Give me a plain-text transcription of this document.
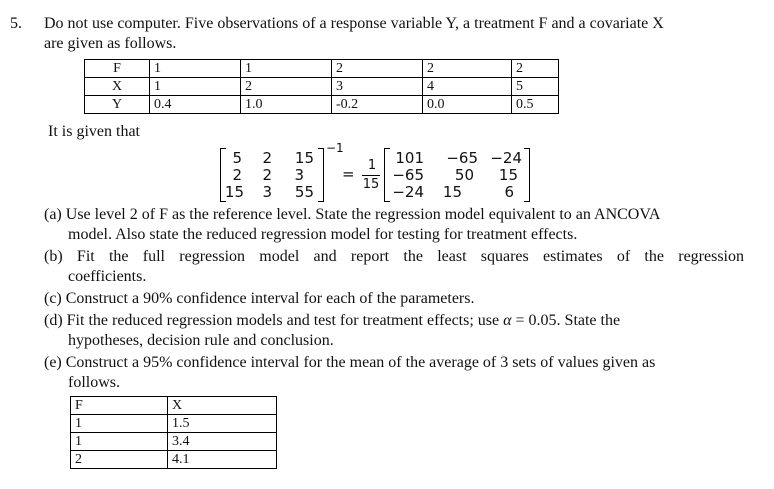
5. Do not use computer. Five observations of a response variable Y, a treatment F and a covariate X
are given as follows.
F	1	1	2	2	2
X	1	2	3	4	5
Y	0.4	1.0	-0.2	0.0	0.5
It is given that
5	2	15
2	2	3
15	3	55
−1
= 1
15
101	−65 −24
−65	50	15
−24 15	6
(a) Use level 2 of F as the reference level. State the regression model equivalent to an ANCOVA
model. Also state the reduced regression model for testing for treatment effects.
(b) Fit the full regression model and report the least squares estimates of the regression
coefficients.
(c) Construct a 90% confidence interval for each of the parameters.
(d) Fit the reduced regression models and test for treatment effects; use α = 0.05. State the
hypotheses, decision rule and conclusion.
(e) Construct a 95% confidence interval for the mean of the average of 3 sets of values given as
follows.
F	X
1	1.5
1	3.4
2	4.1
